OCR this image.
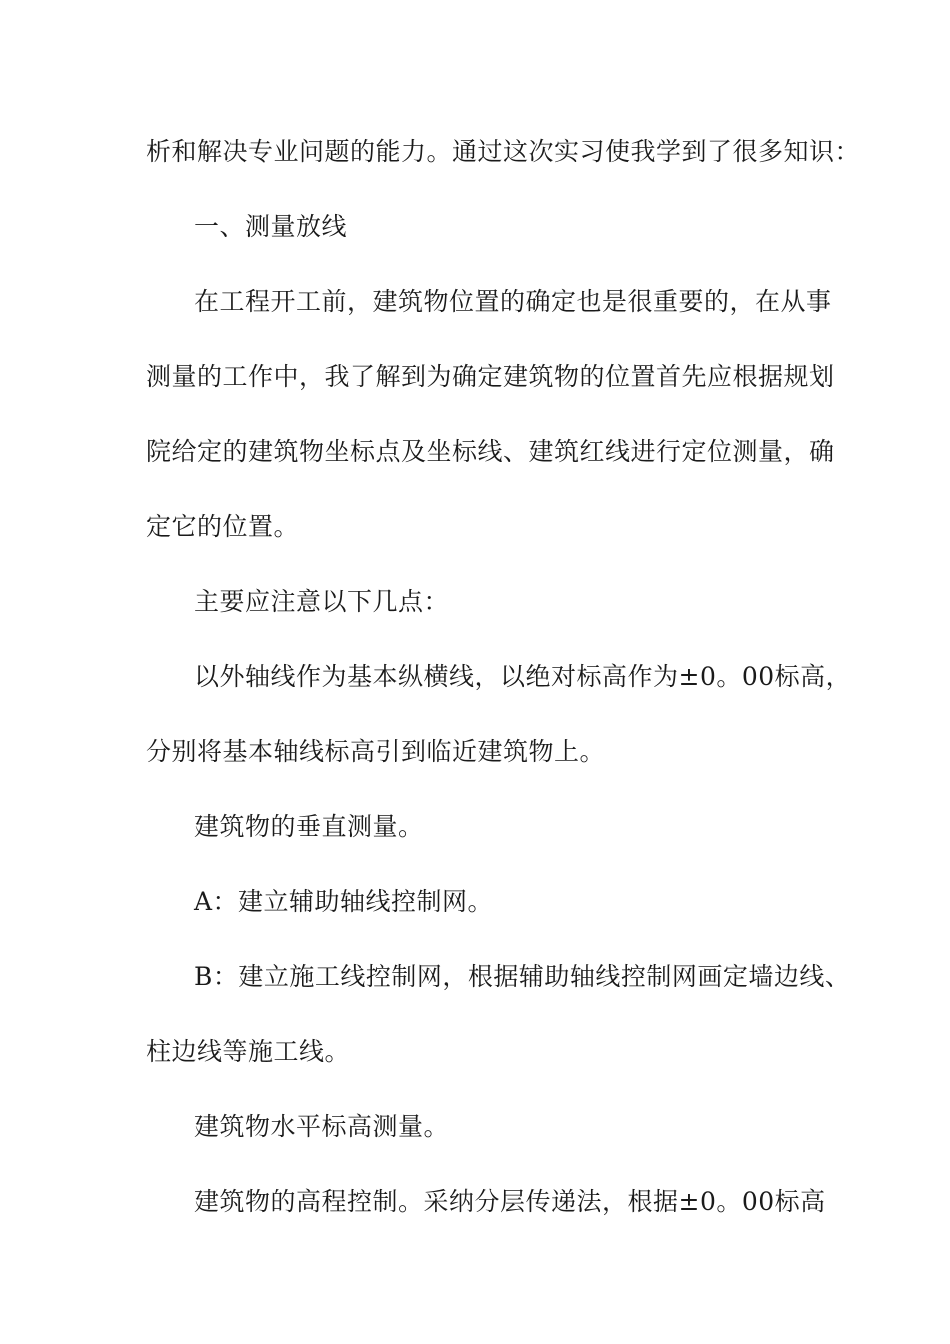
析和解决专业问题的能力。通过这次实习使我学到了很多知识：
一、测量放线
在工程开工前，建筑物位置的确定也是很重要的，在从事
测量的工作中，我了解到为确定建筑物的位置首先应根据规划
院给定的建筑物坐标点及坐标线、建筑红线进行定位测量，确
定它的位置。
主要应注意以下几点：
以外轴线作为基本纵横线，以绝对标高作为±0。00标高，
分别将基本轴线标高引到临近建筑物上。
建筑物的垂直测量。
A：建立辅助轴线控制网。
B：建立施工线控制网，根据辅助轴线控制网画定墙边线、
柱边线等施工线。
建筑物水平标高测量。
建筑物的高程控制。采纳分层传递法，根据±0。00标高
